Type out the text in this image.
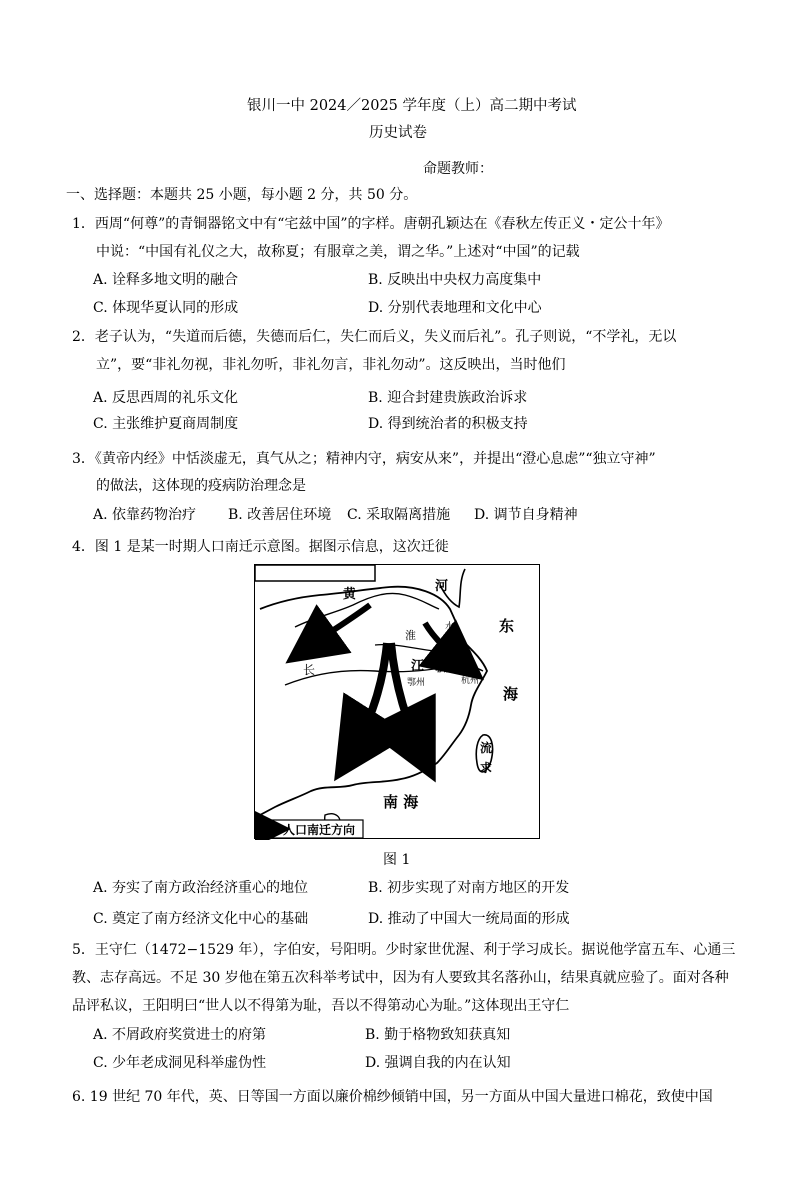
银川一中 2024／2025 学年度（上）高二期中考试
历史试卷
命题教师：
一、选择题：本题共 25 小题，每小题 2 分，共 50 分。
1．西周“何尊”的青铜器铭文中有“宅兹中国”的字样。唐朝孔颖达在《春秋左传正义・定公十年》
中说：“中国有礼仪之大，故称夏；有服章之美，谓之华。”上述对“中国”的记载
A. 诠释多地文明的融合	B. 反映出中央权力高度集中
C. 体现华夏认同的形成	D. 分别代表地理和文化中心
2．老子认为，“失道而后德，失德而后仁，失仁而后义，失义而后礼”。孔子则说，“不学礼，无以
立”，要“非礼勿视，非礼勿听，非礼勿言，非礼勿动”。这反映出，当时他们
A. 反思西周的礼乐文化	B. 迎合封建贵族政治诉求
C. 主张维护夏商周制度	D. 得到统治者的积极支持
3．《黄帝内经》中恬淡虚无，真气从之；精神内守，病安从来”，并提出“澄心息虑”“独立守神”
的做法，这体现的疫病防治理念是
A. 依靠药物治疗 B. 改善居住环境 C. 采取隔离措施 D. 调节自身精神
4．图 1 是某一时期人口南迁示意图。据图示信息，这次迁徙
黄
河
东
海
淮
水
建康
南京
长	江 临安
鄂州	杭州
流
求
南 海
人口南迁方向
图 1
A. 夯实了南方政治经济重心的地位	B. 初步实现了对南方地区的开发
C. 奠定了南方经济文化中心的基础	D. 推动了中国大一统局面的形成
5．王守仁（1472−1529 年），字伯安，号阳明。少时家世优渥、利于学习成长。据说他学富五车、心通三
教、志存高远。不足 30 岁他在第五次科举考试中，因为有人要致其名落孙山，结果真就应验了。面对各种
品评私议，王阳明曰“世人以不得第为耻，吾以不得第动心为耻。”这体现出王守仁
A. 不屑政府奖赏进士的府第	B. 勤于格物致知获真知
C. 少年老成洞见科举虚伪性	D. 强调自我的内在认知
6. 19 世纪 70 年代，英、日等国一方面以廉价棉纱倾销中国，另一方面从中国大量进口棉花，致使中国
